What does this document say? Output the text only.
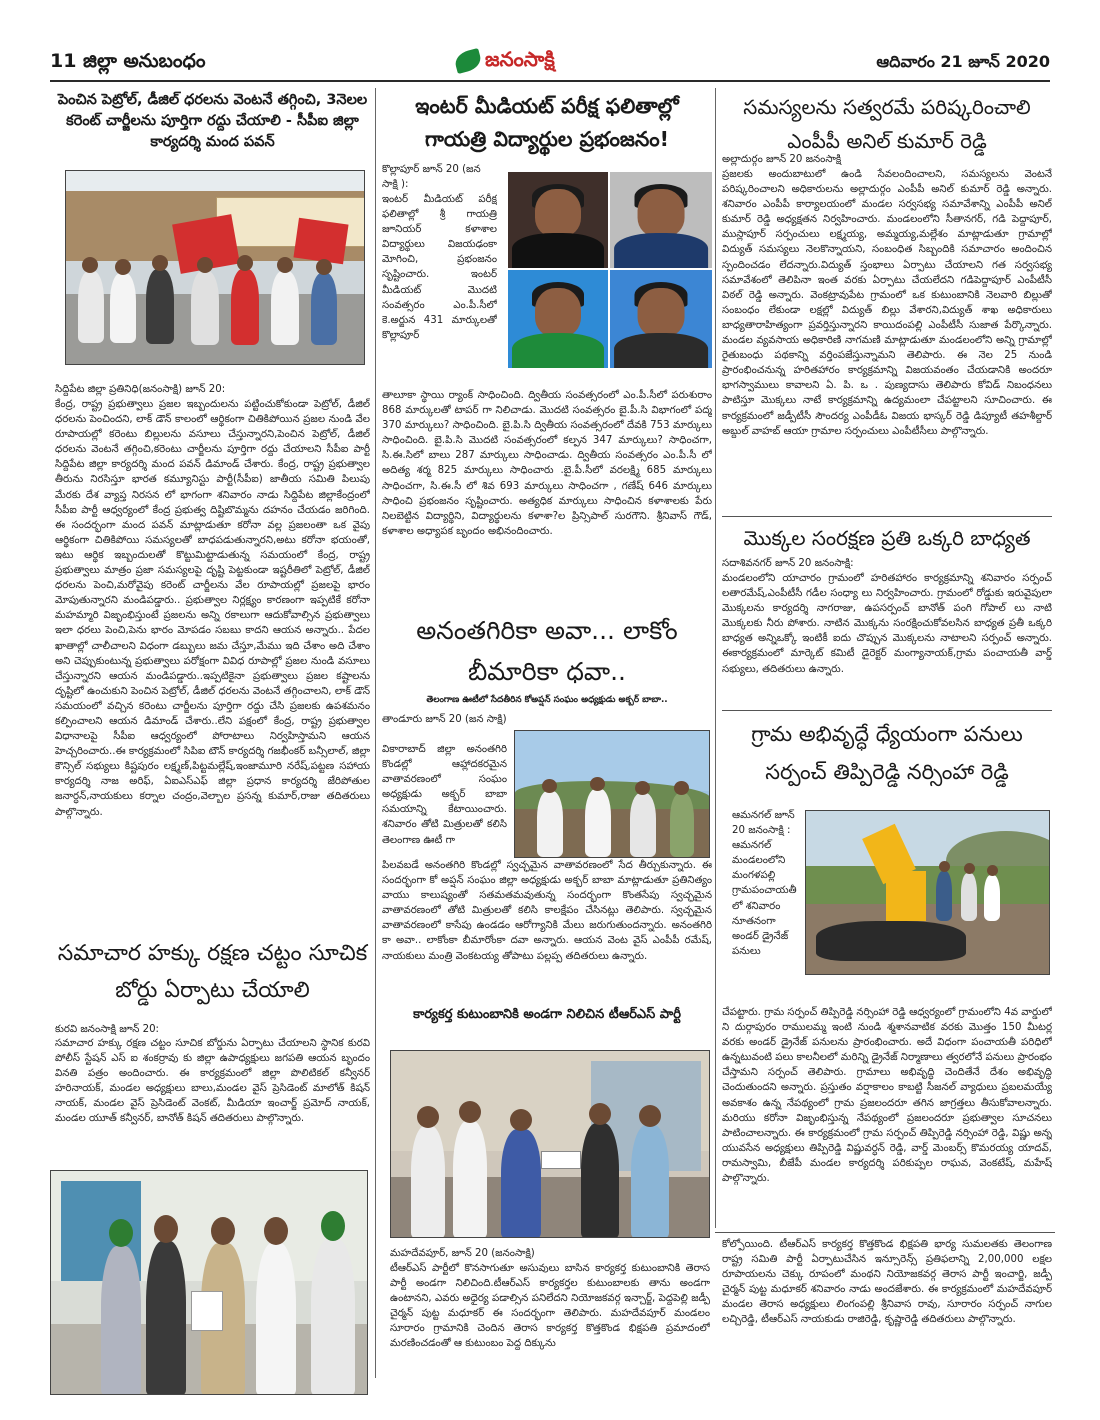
11 జిల్లా అనుబంధం	జనంసాక్షి	ఆదివారం 21 జూన్ 2020
పెంచిన పెట్రోల్, డీజిల్ ధరలను వెంటనే తగ్గించి, 3నెలల కరెంట్ చార్జీలను పూర్తిగా రద్దు చేయాలి - సీపీఐ జిల్లా కార్యదర్శి మంద పవన్
సిద్దిపేట జిల్లా ప్రతినిధి(జనంసాక్షి) జూన్ 20:
కేంద్ర, రాష్ట్ర ప్రభుత్వాలు ప్రజల ఇబ్బందులను పట్టించుకోకుండా పెట్రోల్, డీజిల్ ధరలను పెంచిందని, లాక్ డౌన్ కాలంలో ఆర్థికంగా చితికిపోయిన ప్రజల నుండి వేల రూపాయల్లో కరెంటు బిల్లులను వసూలు చేస్తున్నారని,పెంచిన పెట్రోల్, డీజిల్ ధరలను వెంటనే తగ్గించి,కరెంటు చార్జీలను పూర్తిగా రద్దు చేయాలని సీపీఐ పార్టీ సిద్దిపేట జిల్లా కార్యదర్శి మంద పవన్ డిమాండ్ చేశారు. కేంద్ర, రాష్ట్ర ప్రభుత్వాల తీరును నిరసిస్తూ భారత కమ్యూనిస్టు పార్టీ(సీపీఐ) జాతీయ సమితి పిలుపు మేరకు దేశ వ్యాప్త నిరసన లో భాగంగా శనివారం నాడు సిద్దిపేట జిల్లాకేంద్రంలో సీపీఐ పార్టీ ఆధ్వర్యంలో కేంద్ర ప్రభుత్వ దిష్టిబొమ్మను దహనం చేయడం జరిగింది. ఈ సందర్భంగా మంద పవన్ మాట్లాడుతూ కరోనా వల్ల ప్రజలంతా ఒక వైపు ఆర్థికంగా చితికిపోయి సమస్యలతో బాధపడుతున్నారని,అటు కరోనా భయంతో, ఇటు ఆర్థిక ఇబ్బందులతో కొట్టుమిట్టాడుతున్న సమయంలో కేంద్ర, రాష్ట్ర ప్రభుత్వాలు మాత్రం ప్రజా సమస్యలపై దృష్టి పెట్టకుండా ఇష్టరీతిలో పెట్రోల్, డీజిల్ ధరలను పెంచి,మరోవైపు కరెంట్ చార్జీలను వేల రూపాయల్లో ప్రజలపై భారం మోపుతున్నారని మండిపడ్డారు.. ప్రభుత్వాల నిర్లక్ష్యం కారణంగా ఇప్పటికే కరోనా మహమ్మారి విజృంభిస్తుంటే ప్రజలను అన్ని రకాలుగా ఆదుకోవాల్సిన ప్రభుత్వాలు ఇలా ధరలు పెంచి,పెను భారం మోపడం సబబు కాదని ఆయన అన్నారు.. పేదల ఖాతాల్లో చాలీచాలని విధంగా డబ్బులు జమ చేస్తూ,మేము ఇది చేశాం అది చేశాం అని చెప్పుకుంటున్న ప్రభుత్వాలు పరోక్షంగా వివిధ రూపాల్లో ప్రజల నుండి వసూలు చేస్తున్నారని ఆయన మండిపడ్డారు..ఇప్పటికైనా ప్రభుత్వాలు ప్రజల కష్టాలను దృష్టిలో ఉంచుకుని పెంచిన పెట్రోల్, డీజిల్ ధరలను వెంటనే తగ్గించాలని, లాక్ డౌన్ సమయంలో వచ్చిన కరెంటు చార్జీలను పూర్తిగా రద్దు చేసి ప్రజలకు ఉపశమనం కల్పించాలని ఆయన డిమాండ్ చేశారు..లేని పక్షంలో కేంద్ర, రాష్ట్ర ప్రభుత్వాల విధానాలపై సీపీఐ ఆధ్వర్యంలో పోరాటాలు నిర్వహిస్తామని ఆయన హెచ్చరించారు..ఈ కార్యక్రమంలో సిపిఐ టౌన్ కార్యదర్శి గజభీంకర్ బన్సీలాల్, జిల్లా కౌన్సిల్ సభ్యులు కిష్టపురం లక్ష్మణ్,పిట్టమల్లేష్,ఇంజామూరి నరేష్,పట్టణ సహాయ కార్యదర్శి నాజ అరిఫ్, ఏఐఎస్ఎఫ్ జిల్లా ప్రధాన కార్యదర్శి జేరిపోతుల జనార్ధన్,నాయకులు కర్నాల చంద్రం,వెల్బాల ప్రసన్న కుమార్,రాజు తదితరులు పాల్గొన్నారు.
సమాచార హక్కు రక్షణ చట్టం సూచిక బోర్డు ఏర్పాటు చేయాలి
కురవి జనంసాక్షి జూన్ 20:
సమాచార హక్కు రక్షణ చట్టం సూచిక బోర్డును ఏర్పాటు చేయాలని స్థానిక కురవి పోలీస్ స్టేషన్ ఎస్ ఐ శంకర్రావు కు జిల్లా ఉపాధ్యక్షులు జగపతి ఆయన బృందం వినతి పత్రం అందించారు. ఈ కార్యక్రమంలో జిల్లా పొలిటికల్ కన్వీనర్ హరినాయక్, మండల అధ్యక్షులు బాలు,మండల వైస్ ప్రెసిడెంట్ మాలోత్ కిషన్ నాయక్, మండల వైస్ ప్రెసిడెంట్ వెంకట్, మీడియా ఇంచార్జ్ ప్రమోద్ నాయక్, మండల యూత్ కన్వీనర్, బానోత్ కిషన్ తదితరులు పాల్గొన్నారు.
ఇంటర్ మీడియట్ పరీక్ష ఫలితాల్లో గాయత్రి విద్యార్థుల ప్రభంజనం!
కొల్లాపూర్ జూన్ 20 (జన సాక్షి ):
ఇంటర్ మీడియట్ పరీక్ష ఫలితాల్లో శ్రీ గాయత్రి జూనియర్ కళాశాల విద్యార్థులు విజయఢంకా మోగించి, ప్రభంజనం సృష్టించారు. ఇంటర్ మీడియట్ మొదటి సంవత్సరం ఎం.పీ.సీలో కె.అర్జున 431 మార్కులతో కొల్లాపూర్
తాలూకా స్థాయి ర్యాంక్ సాధించింది. ద్వితీయ సంవత్సరంలో ఎం.పీ.సీలో పరుశురాం 868 మార్కులతో టాపర్ గా నిలిచాడు. మొదటి సంవత్సరం బై.పీ.సి విభాగంలో పద్మ 370 మార్కులు? సాధించింది. బై.పి.సి ద్వితీయ సంవత్సరంలో దేవకి 753 మార్కులు సాధించింది. బై.పి.సి మొదటి సంవత్సరంలో కల్పన 347 మార్కులు? సాధించగా, సి.ఈ.సిలో బాలు 287 మార్కులు సాధించాడు. ద్వితీయ సంవత్సరం ఎం.పీ.సీ లో అదిత్య శర్మ 825 మార్కులు సాధించారు .బై.పీ.సీలో వరలక్ష్మి 685 మార్కులు సాధించగా, సి.ఈ.సీ లో శివ 693 మార్కులు సాధించగా , గణేష్ 646 మార్కులు సాధించి ప్రభంజనం సృష్టించారు. అత్యధిక మార్కులు సాధించిన కళాశాలకు పేరు నిలబెట్టిన విద్యార్థిని, విద్యార్థులను కళాశా?ల ప్రిన్సిపాల్ సురగౌని. శ్రీనివాస్ గౌడ్, కళాశాల అధ్యాపక బృందం అభినందించారు.
అనంతగిరికా అవా... లాకోం బీమారికా ధవా..
తెలంగాణ ఊటీలో సేదతీరిన కోఅప్షన్ సంఘం అధ్యక్షుడు అక్బర్ బాబా..
తాండూరు జూన్ 20 (జన సాక్షి)
వికారాబాద్ జిల్లా అనంతగిరి కొండల్లో ఆహ్లాదకరమైన వాతావరణంలో సంఘం అధ్యక్షుడు అక్బర్ బాబా సమయాన్ని కేటాయించారు. శనివారం తోటి మిత్రులతో కలిసి తెలంగాణ ఊటీ గా
పిలవబడే అనంతగిరి కొండల్లో స్వచ్ఛమైన వాతావరణంలో సేద తీర్చుకున్నారు. ఈ సందర్భంగా కో అప్షన్ సంఘం జిల్లా అధ్యక్షుడు అక్బర్ బాబా మాట్లాడుతూ ప్రతినిత్యం వాయు కాలుష్యంతో సతమతమవుతున్న సందర్భంగా కొంతసేపు స్వచ్ఛమైన వాతావరణంలో తోటి మిత్రులతో కలిసి కాలక్షేపం చేసినట్లు తెలిపారు. స్వచ్ఛమైన వాతావరణంలో కాసేపు ఉండడం ఆరోగ్యానికి మేలు జరుగుతుందన్నారు. అనంతగిరి కా అవా.. లాకోంకా బీమారోంకా దవా అన్నారు. ఆయన వెంట వైస్ ఎంపీపీ రమేష్, నాయకులు మంత్రి వెంకటయ్య తోపాటు పల్లప్ప తదితరులు ఉన్నారు.
కార్యకర్త కుటుంబానికి అండగా నిలిచిన టీఆర్ఎస్ పార్టీ
మహదేవపూర్, జూన్ 20 (జనంసాక్షి)
టీఆర్ఎస్ పార్టీలో కొనసాగుతూ అసువులు బాసిన కార్యకర్త కుటుంబానికి తెరాస పార్టీ అండగా నిలిచింది.టీఆర్ఎస్ కార్యకర్తల కుటుంబాలకు తాను అండగా ఉంటానని, ఎవరు అధైర్య పడాల్సిన పనిలేదని నియోజకవర్గ ఇన్చార్జ్, పెద్దపెల్లి జడ్పీ చైర్మన్ పుట్ట మధూకర్ ఈ సందర్భంగా తెలిపారు. మహదేవపూర్ మండలం సూరారం గ్రామానికి చెందిన తెరాస కార్యకర్త కొత్తకొండ భిక్షపతి ప్రమాదంలో మరణించడంతో ఆ కుటుంబం పెద్ద దిక్కును
సమస్యలను సత్వరమే పరిష్కరించాలి ఎంపీపీ అనిల్ కుమార్ రెడ్డి
అల్లాదుర్గం జూన్ 20 జనంసాక్షి
ప్రజలకు అందుబాటులో ఉండి సేవలందించాలని, సమస్యలను వెంటనే పరిష్కరించాలని అధికారులను అల్లాదుర్గం ఎంపీపీ అనిల్ కుమార్ రెడ్డి అన్నారు. శనివారం ఎంపీపీ కార్యాలయంలో మండల సర్వసభ్య సమావేశాన్ని ఎంపీపీ అనిల్ కుమార్ రెడ్డి అధ్యక్షతన నిర్వహించారు. మండలంలోని సీతానగర్, గడి పెద్దాపూర్, ముస్లాపూర్ సర్పంచులు లక్ష్మయ్య, అమ్మయ్య,మల్లేశం మాట్లాడుతూ గ్రామాల్లో విద్యుత్ సమస్యలు నెలకొన్నాయని, సంబంధిత సిబ్బందికి సమాచారం అందించిన స్పందించడం లేదన్నారు.విద్యుత్ స్తంభాలు ఏర్పాటు చేయాలని గత సర్వసభ్య సమావేశంలో తెలిపినా ఇంత వరకు ఏర్పాటు చేయలేదని గడిపెద్దాపూర్ ఎంపీటీసీ విఠల్ రెడ్డి అన్నారు. వెంకట్రావుపేట గ్రామంలో ఒక కుటుంబానికి నెలవారి బిల్లుతో సంబంధం లేకుండా లక్షల్లో విద్యుత్ బిల్లు వేశారని,విద్యుత్ శాఖ అధికారులు బాధ్యతారాహిత్యంగా ప్రవర్తిస్తున్నారని కాయిదంపల్లి ఎంపీటీసీ సుజాత పేర్కొన్నారు. మండల వ్యవసాయ అధికారిణి నాగమణి మాట్లాడుతూ మండలంలోని అన్ని గ్రామాల్లో రైతుబంధు పథకాన్ని వర్తింపజేస్తున్నామని తెలిపారు. ఈ నెల 25 నుండి ప్రారంభించనున్న హరితహారం కార్యక్రమాన్ని విజయవంతం చేయడానికి అందరూ భాగస్వాములు కావాలని ఏ. పి. ఒ . పుణ్యదాసు తెలిపారు కోవిడ్ నిబంధనలు పాటిస్తూ మొక్కలు నాటే కార్యక్రమాన్ని ఉద్యమంలా చేపట్టాలని సూచించారు. ఈ కార్యక్రమంలో జడ్పీటీసీ సౌందర్య ఎంపీడీఓ విజయ భాస్కర్ రెడ్డి డిప్యూటీ తహశీల్దార్ అబ్దుల్ వాహబ్ ఆయా గ్రామాల సర్పంచులు ఎంపీటీసీలు పాల్గొన్నారు.
మొక్కల సంరక్షణ ప్రతి ఒక్కరి బాధ్యత
సదాశివనగర్ జూన్ 20 జనంసాక్షి:
మండలంలోని యాచారం గ్రామంలో హరితహారం కార్యక్రమాన్ని శనివారం సర్పంచ్ లతారమేష్,ఎంపీటీసీ గడీల సంధ్యా లు నిర్వహించారు. గ్రామంలో రోడ్డుకు ఇరువైపులా మొక్కలను కార్యదర్శి నాగరాజు, ఉపసర్పంచ్ బానోత్ పంగి గోపాల్ లు నాటి మొక్కలకు నీరు పోశారు. నాటిన మొక్కను సంరక్షించుకోవలసిన బాధ్యత ప్రతీ ఒక్కరి బాధ్యత అన్నిఒక్కో ఇంటికీ ఐదు చొప్పున మొక్కలను నాటాలని సర్పంచ్ అన్నారు. ఈకార్యక్రమంలో మార్కెట్ కమిటీ డైరెక్టర్ మంగ్యానాయక్,గ్రామ పంచాయతీ వార్డ్ సభ్యులు, తదితరులు ఉన్నారు.
గ్రామ అభివృద్ధే ధ్యేయంగా పనులు సర్పంచ్ తిప్పిరెడ్డి నర్సింహా రెడ్డి
ఆమనగల్ జూన్ 20 జనంసాక్షి : ఆమనగల్ మండలంలోని మంగళపల్లి గ్రామపంచాయతీ లో శనివారం నూతనంగా అండర్ డ్రైనేజ్ పనులు
చేపట్టారు. గ్రామ సర్పంచ్ తిప్పిరెడ్డి నర్సింహా రెడ్డి ఆధ్వర్యంలో గ్రామంలోని 4వ వార్డులో ని దుర్గాపురం రాములమ్మ ఇంటి నుండి శ్మశానవాటిక వరకు మొత్తం 150 మీటర్ల వరకు అండర్ డ్రైనేజ్ పనులను ప్రారంభించారు. అదే విధంగా పంచాయతీ పరిధిలో ఉన్నటువంటి పలు కాలనీలలో మరిన్ని డ్రైనేజ్ నిర్మాణాలు త్వరలోనే పనులు ప్రారంభం చేస్తామని సర్పంచ్ తెలిపారు. గ్రామాలు అభివృద్ధి చెందితేనే దేశం అభివృద్ధి చెందుతుందని అన్నారు. ప్రస్తుతం వర్షాకాలం కాబట్టి సీజనల్ వ్యాధులు ప్రబలమయ్యే అవకాశం ఉన్న నేపథ్యంలో గ్రామ ప్రజలందరూ తగిన జాగ్రత్తలు తీసుకోవాలన్నారు. మరియు కరోనా విజృంభిస్తున్న నేపథ్యంలో ప్రజలందరూ ప్రభుత్వాల సూచనలు పాటించాలన్నారు. ఈ కార్యక్రమంలో గ్రామ సర్పంచ్ తిప్పిరెడ్డి నర్సింహా రెడ్డి, విష్ణు అన్న యువసేన అధ్యక్షులు తిప్పిరెడ్డి విష్ణువర్ధన్ రెడ్డి, వార్డ్ మెంబర్స్ కొమరయ్య యాదవ్, రామస్వామి, బీజేపీ మండల కార్యదర్శి పరికుప్పల రాఘవ, వెంకటేష్, మహేష్ పాల్గొన్నారు.
కోల్పోయింది. టీఆర్ఎస్ కార్యకర్త కొత్తకొండ భిక్షపతి భార్య సుమలతకు తెలంగాణ రాష్ట్ర సమితి పార్టీ ఏర్పాటుచేసిన ఇన్సూరెన్స్ ప్రతిఫలాన్ని 2,00,000 లక్షల రూపాయలను చెక్కు రూపంలో మంథని నియోజకవర్గ తెరాస పార్టీ ఇంచార్జి, జడ్పీ చైర్మన్ పుట్ట మధూకర్ శనివారం నాడు అందజేశారు. ఈ కార్యక్రమంలో మహదేవపూర్ మండల తెరాస అధ్యక్షులు లింగంపల్లి శ్రీనివాస రావు, సూరారం సర్పంచ్ నాగుల లచ్చిరెడ్డి, టీఆర్ఎస్ నాయకుడు రాజిరెడ్డి, కృష్ణారెడ్డి తదితరులు పాల్గొన్నారు.
